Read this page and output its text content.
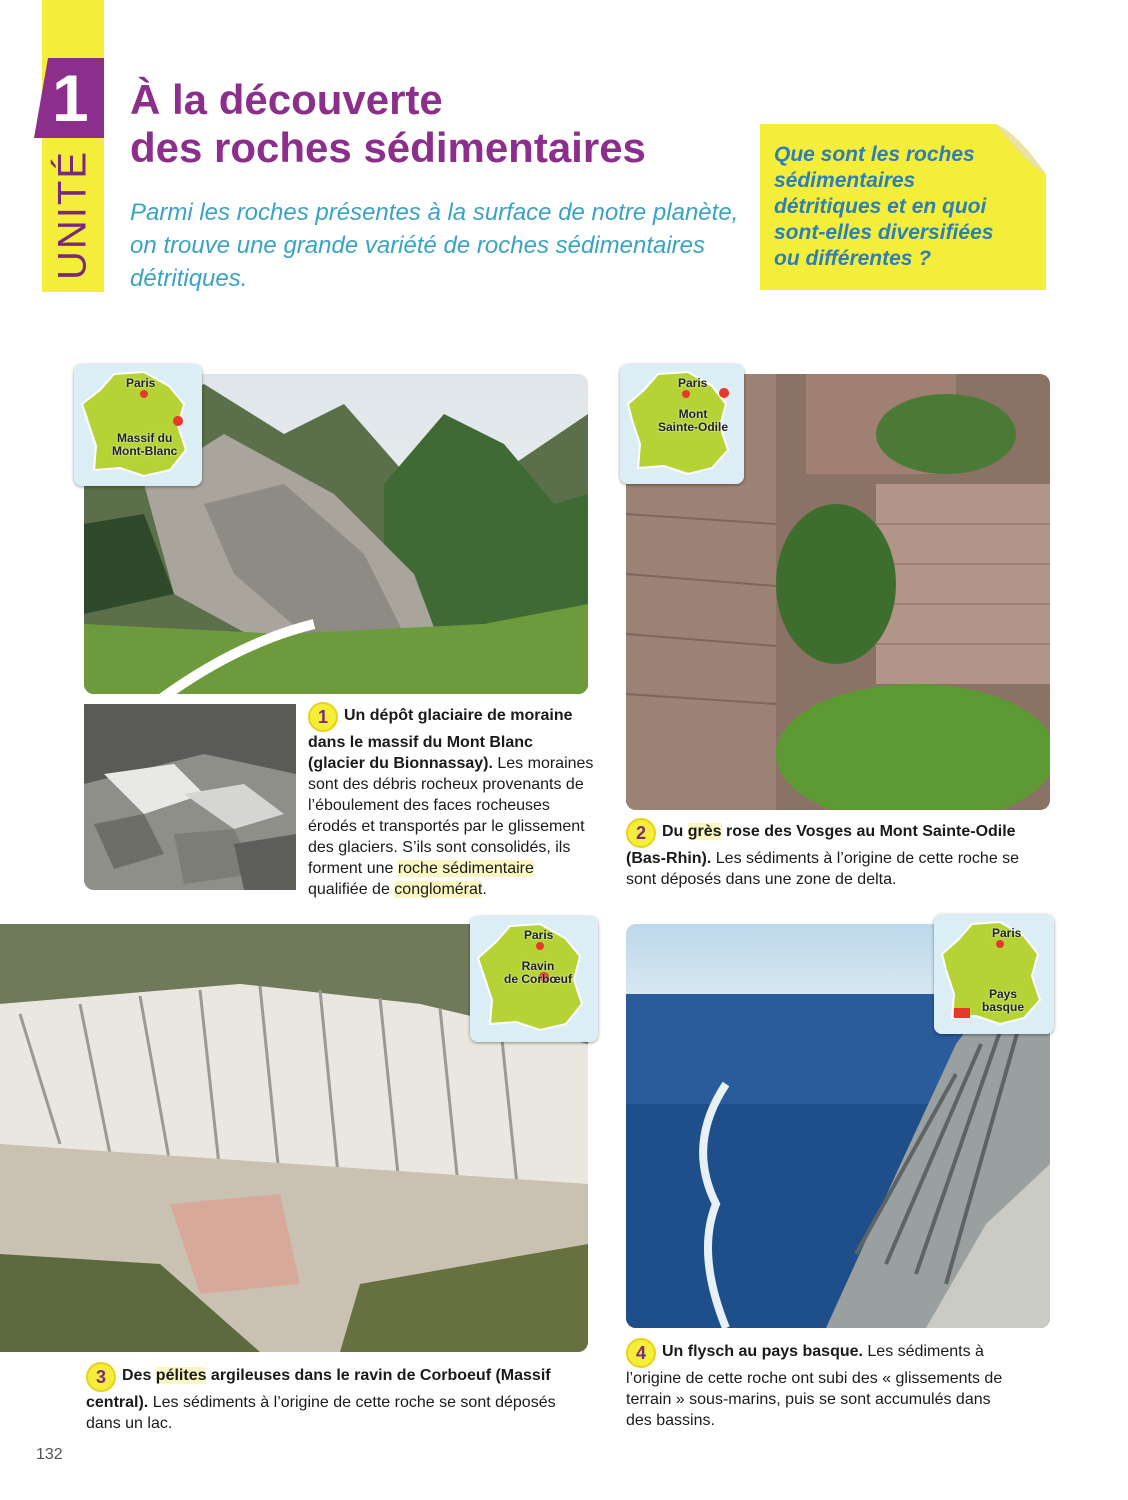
1
UNITÉ
À la découverte
des roches sédimentaires
Parmi les roches présentes à la surface de notre planète, on trouve une grande variété de roches sédimentaires détritiques.

Que sont les roches sédimentaires détritiques et en quoi sont-elles diversifiées ou différentes ?

Paris
Massif du
Mont-Blanc
1 Un dépôt glaciaire de moraine dans le massif du Mont Blanc (glacier du Bionnassay). Les moraines sont des débris rocheux provenants de l’éboulement des faces rocheuses érodés et transportés par le glissement des glaciers. S’ils sont consolidés, ils forment une roche sédimentaire qualifiée de conglomérat.
Paris
Mont
Sainte-Odile
2 Du grès rose des Vosges au Mont Sainte-Odile (Bas-Rhin). Les sédiments à l’origine de cette roche se sont déposés dans une zone de delta.
Paris
Ravin
de Corbœuf
3 Des pélites argileuses dans le ravin de Corboeuf (Massif central). Les sédiments à l’origine de cette roche se sont déposés dans un lac.
Paris
Pays
basque
4 Un flysch au pays basque. Les sédiments à l’origine de cette roche ont subi des « glissements de terrain » sous-marins, puis se sont accumulés dans des bassins.
132
